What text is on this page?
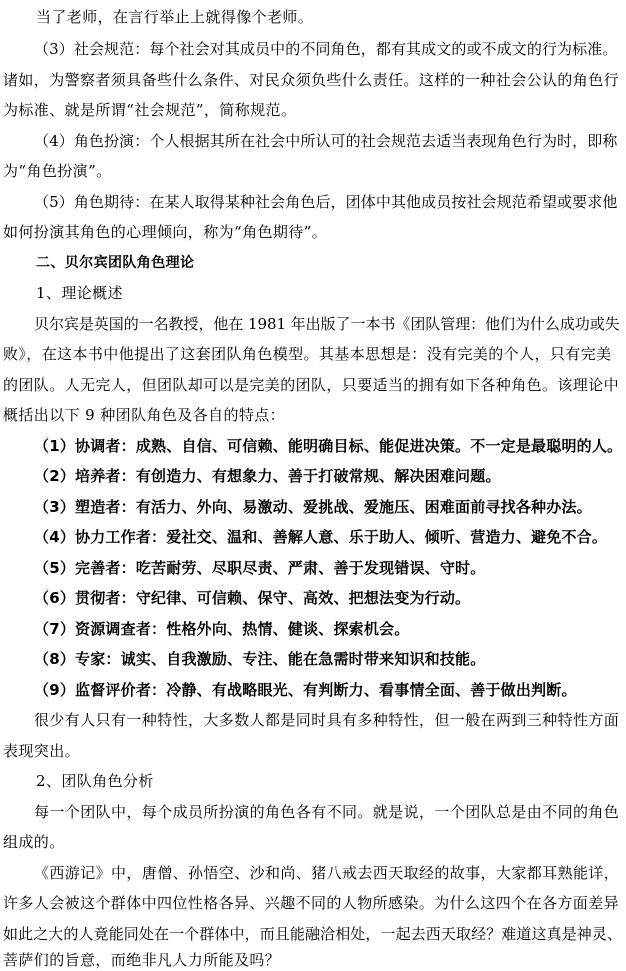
当了老师，在言行举止上就得像个老师。
（3）社会规范：每个社会对其成员中的不同角色，都有其成文的或不成文的行为标准。
诸如，为警察者须具备些什么条件、对民众须负些什么责任。这样的一种社会公认的角色行
为标准、就是所谓“社会规范”，简称规范。
（4）角色扮演：个人根据其所在社会中所认可的社会规范去适当表现角色行为时，即称
为“角色扮演”。
（5）角色期待：在某人取得某种社会角色后，团体中其他成员按社会规范希望或要求他
如何扮演其角色的心理倾向，称为“角色期待”。
二、贝尔宾团队角色理论
1、理论概述
贝尔宾是英国的一名教授，他在 1981 年出版了一本书《团队管理：他们为什么成功或失
败》，在这本书中他提出了这套团队角色模型。其基本思想是：没有完美的个人，只有完美
的团队。人无完人，但团队却可以是完美的团队，只要适当的拥有如下各种角色。该理论中
概括出以下 9 种团队角色及各自的特点：
（1）协调者：成熟、自信、可信赖、能明确目标、能促进决策。不一定是最聪明的人。
（2）培养者：有创造力、有想象力、善于打破常规、解决困难问题。
（3）塑造者：有活力、外向、易激动、爱挑战、爱施压、困难面前寻找各种办法。
（4）协力工作者：爱社交、温和、善解人意、乐于助人、倾听、营造力、避免不合。
（5）完善者：吃苦耐劳、尽职尽责、严肃、善于发现错误、守时。
（6）贯彻者：守纪律、可信赖、保守、高效、把想法变为行动。
（7）资源调查者：性格外向、热情、健谈、探索机会。
（8）专家：诚实、自我激励、专注、能在急需时带来知识和技能。
（9）监督评价者：冷静、有战略眼光、有判断力、看事情全面、善于做出判断。
很少有人只有一种特性，大多数人都是同时具有多种特性，但一般在两到三种特性方面
表现突出。
2、团队角色分析
每一个团队中，每个成员所扮演的角色各有不同。就是说，一个团队总是由不同的角色
组成的。
《西游记》中，唐僧、孙悟空、沙和尚、猪八戒去西天取经的故事，大家都耳熟能详，
许多人会被这个群体中四位性格各异、兴趣不同的人物所感染。为什么这四个在各方面差异
如此之大的人竟能同处在一个群体中，而且能融洽相处，一起去西天取经？难道这真是神灵、
菩萨们的旨意，而绝非凡人力所能及吗？
